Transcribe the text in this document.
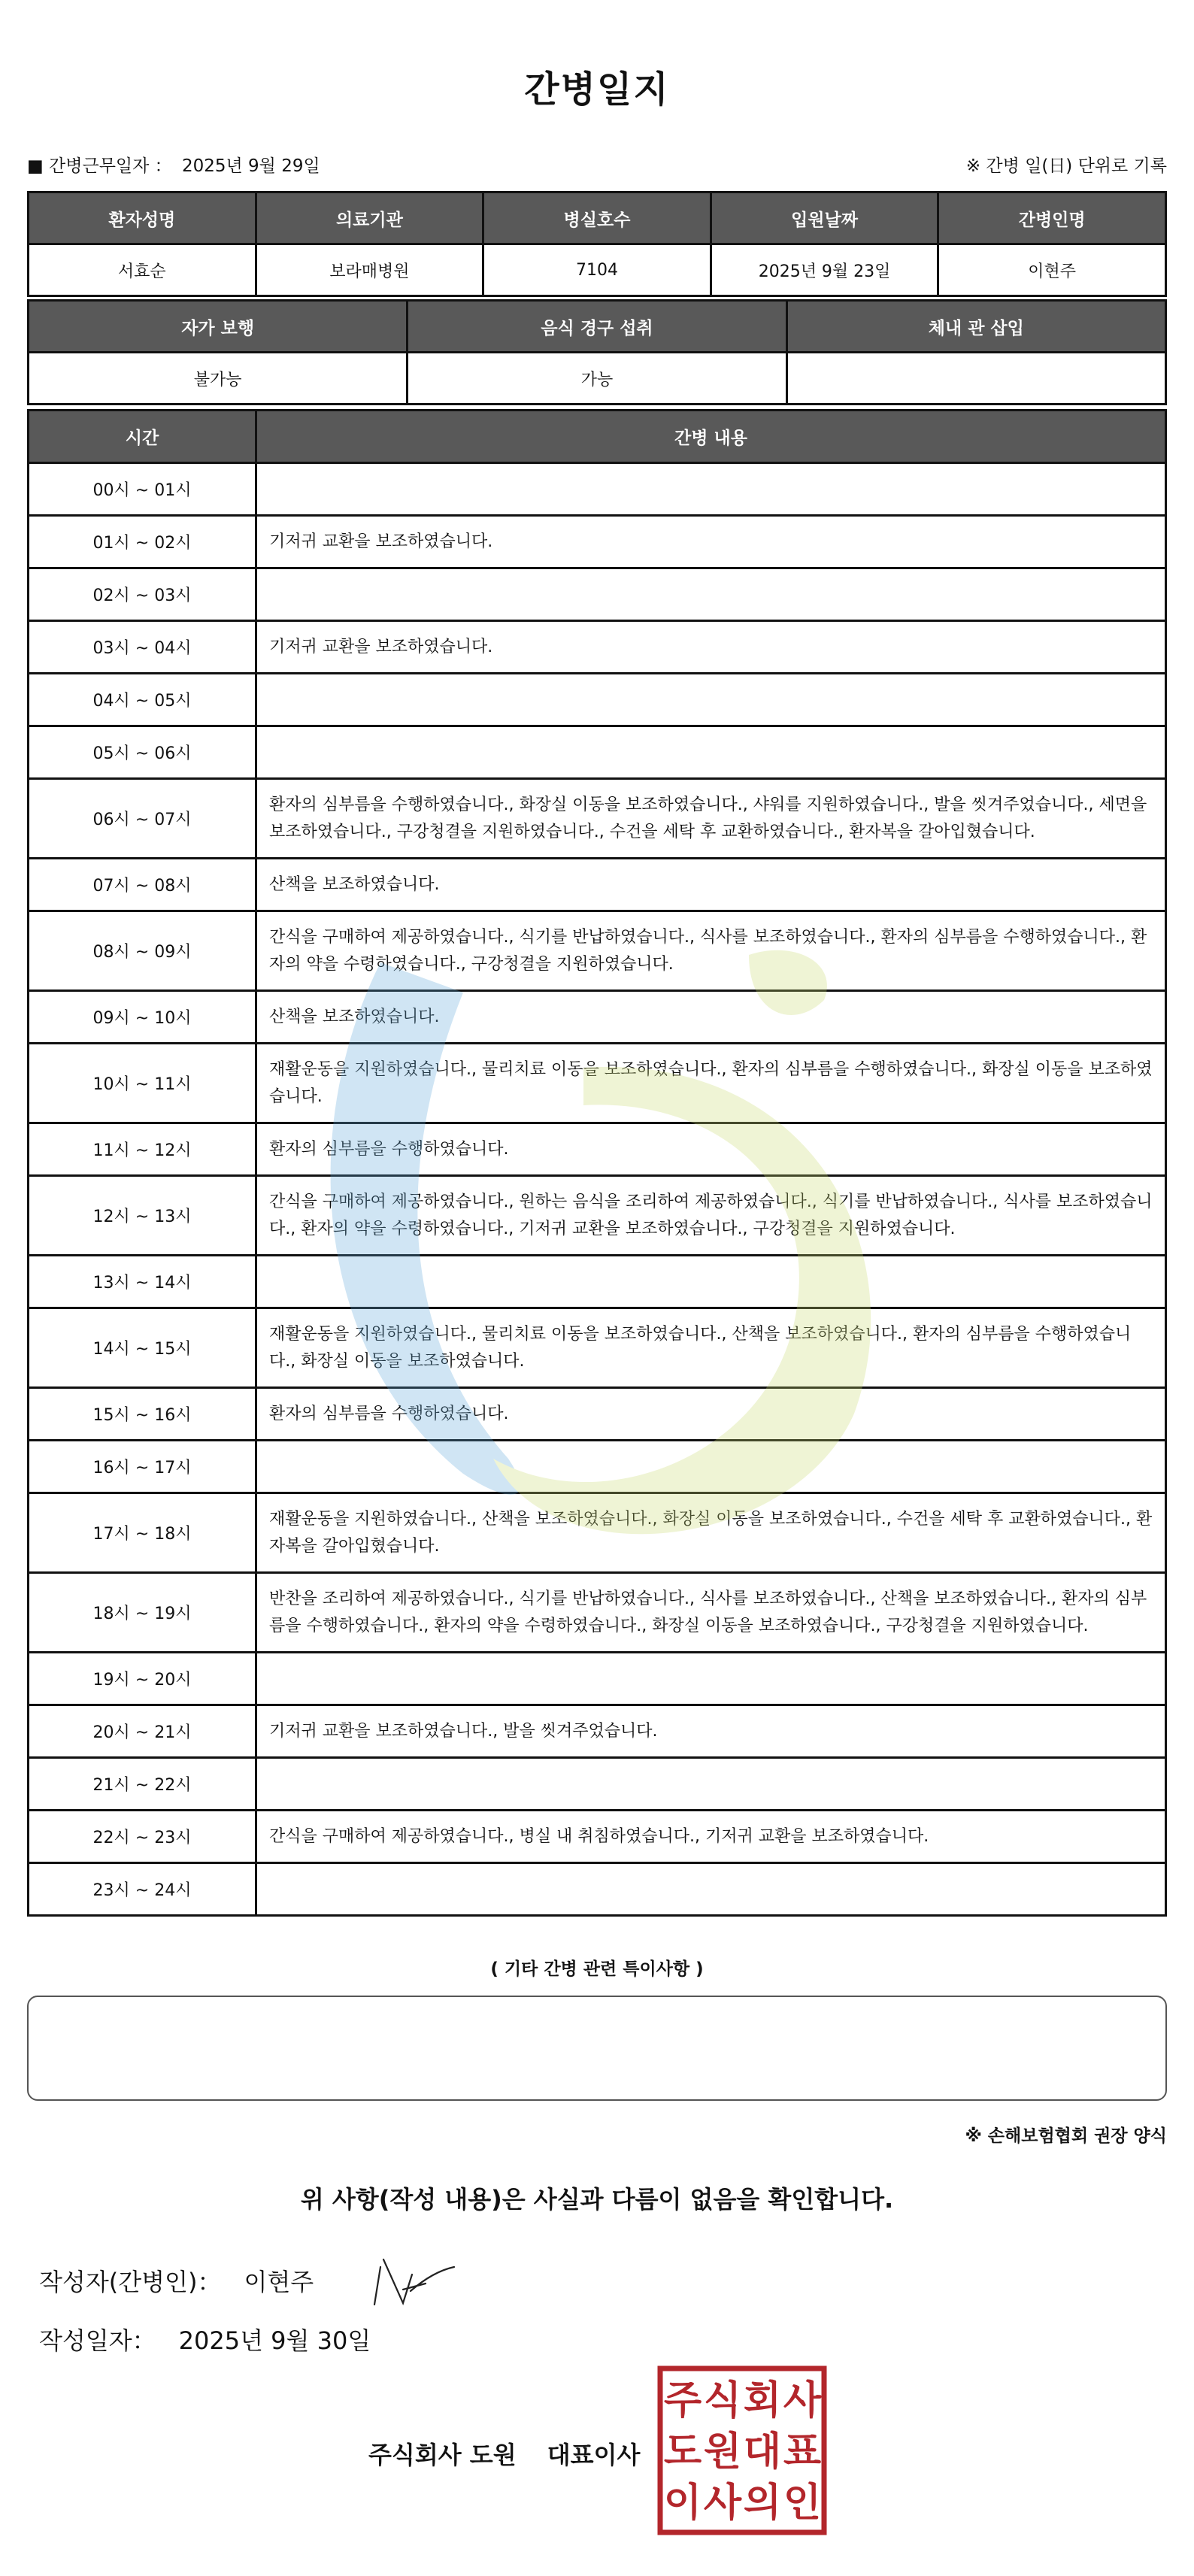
간병일지
■ 간병근무일자 ： 2025년 9월 29일	※ 간병 일(日) 단위로 기록
환자성명	의료기관	병실호수	입원날짜	간병인명
서효순	보라매병원	7104	2025년 9월 23일	이현주
자가 보행	음식 경구 섭취	체내 관 삽입
불가능	가능	
시간	간병 내용
00시 ~ 01시	
01시 ~ 02시	기저귀 교환을 보조하였습니다.
02시 ~ 03시	
03시 ~ 04시	기저귀 교환을 보조하였습니다.
04시 ~ 05시	
05시 ~ 06시	
06시 ~ 07시	환자의 심부름을 수행하였습니다., 화장실 이동을 보조하였습니다., 샤워를 지원하였습니다., 발을 씻겨주었습니다., 세면을 보조하였습니다., 구강청결을 지원하였습니다., 수건을 세탁 후 교환하였습니다., 환자복을 갈아입혔습니다.
07시 ~ 08시	산책을 보조하였습니다.
08시 ~ 09시	간식을 구매하여 제공하였습니다., 식기를 반납하였습니다., 식사를 보조하였습니다., 환자의 심부름을 수행하였습니다., 환자의 약을 수령하였습니다., 구강청결을 지원하였습니다.
09시 ~ 10시	산책을 보조하였습니다.
10시 ~ 11시	재활운동을 지원하였습니다., 물리치료 이동을 보조하였습니다., 환자의 심부름을 수행하였습니다., 화장실 이동을 보조하였습니다.
11시 ~ 12시	환자의 심부름을 수행하였습니다.
12시 ~ 13시	간식을 구매하여 제공하였습니다., 원하는 음식을 조리하여 제공하였습니다., 식기를 반납하였습니다., 식사를 보조하였습니다., 환자의 약을 수령하였습니다., 기저귀 교환을 보조하였습니다., 구강청결을 지원하였습니다.
13시 ~ 14시	
14시 ~ 15시	재활운동을 지원하였습니다., 물리치료 이동을 보조하였습니다., 산책을 보조하였습니다., 환자의 심부름을 수행하였습니다., 화장실 이동을 보조하였습니다.
15시 ~ 16시	환자의 심부름을 수행하였습니다.
16시 ~ 17시	
17시 ~ 18시	재활운동을 지원하였습니다., 산책을 보조하였습니다., 화장실 이동을 보조하였습니다., 수건을 세탁 후 교환하였습니다., 환자복을 갈아입혔습니다.
18시 ~ 19시	반찬을 조리하여 제공하였습니다., 식기를 반납하였습니다., 식사를 보조하였습니다., 산책을 보조하였습니다., 환자의 심부름을 수행하였습니다., 환자의 약을 수령하였습니다., 화장실 이동을 보조하였습니다., 구강청결을 지원하였습니다.
19시 ~ 20시	
20시 ~ 21시	기저귀 교환을 보조하였습니다., 발을 씻겨주었습니다.
21시 ~ 22시	
22시 ~ 23시	간식을 구매하여 제공하였습니다., 병실 내 취침하였습니다., 기저귀 교환을 보조하였습니다.
23시 ~ 24시	
( 기타 간병 관련 특이사항 )
※ 손해보험협회 권장 양식
위 사항(작성 내용)은 사실과 다름이 없음을 확인합니다.
작성자(간병인)： 이현주
작성일자： 2025년 9월 30일
주식회사 도원 대표이사
주 식 회 사
도 원 대 표
이 사 의 인
